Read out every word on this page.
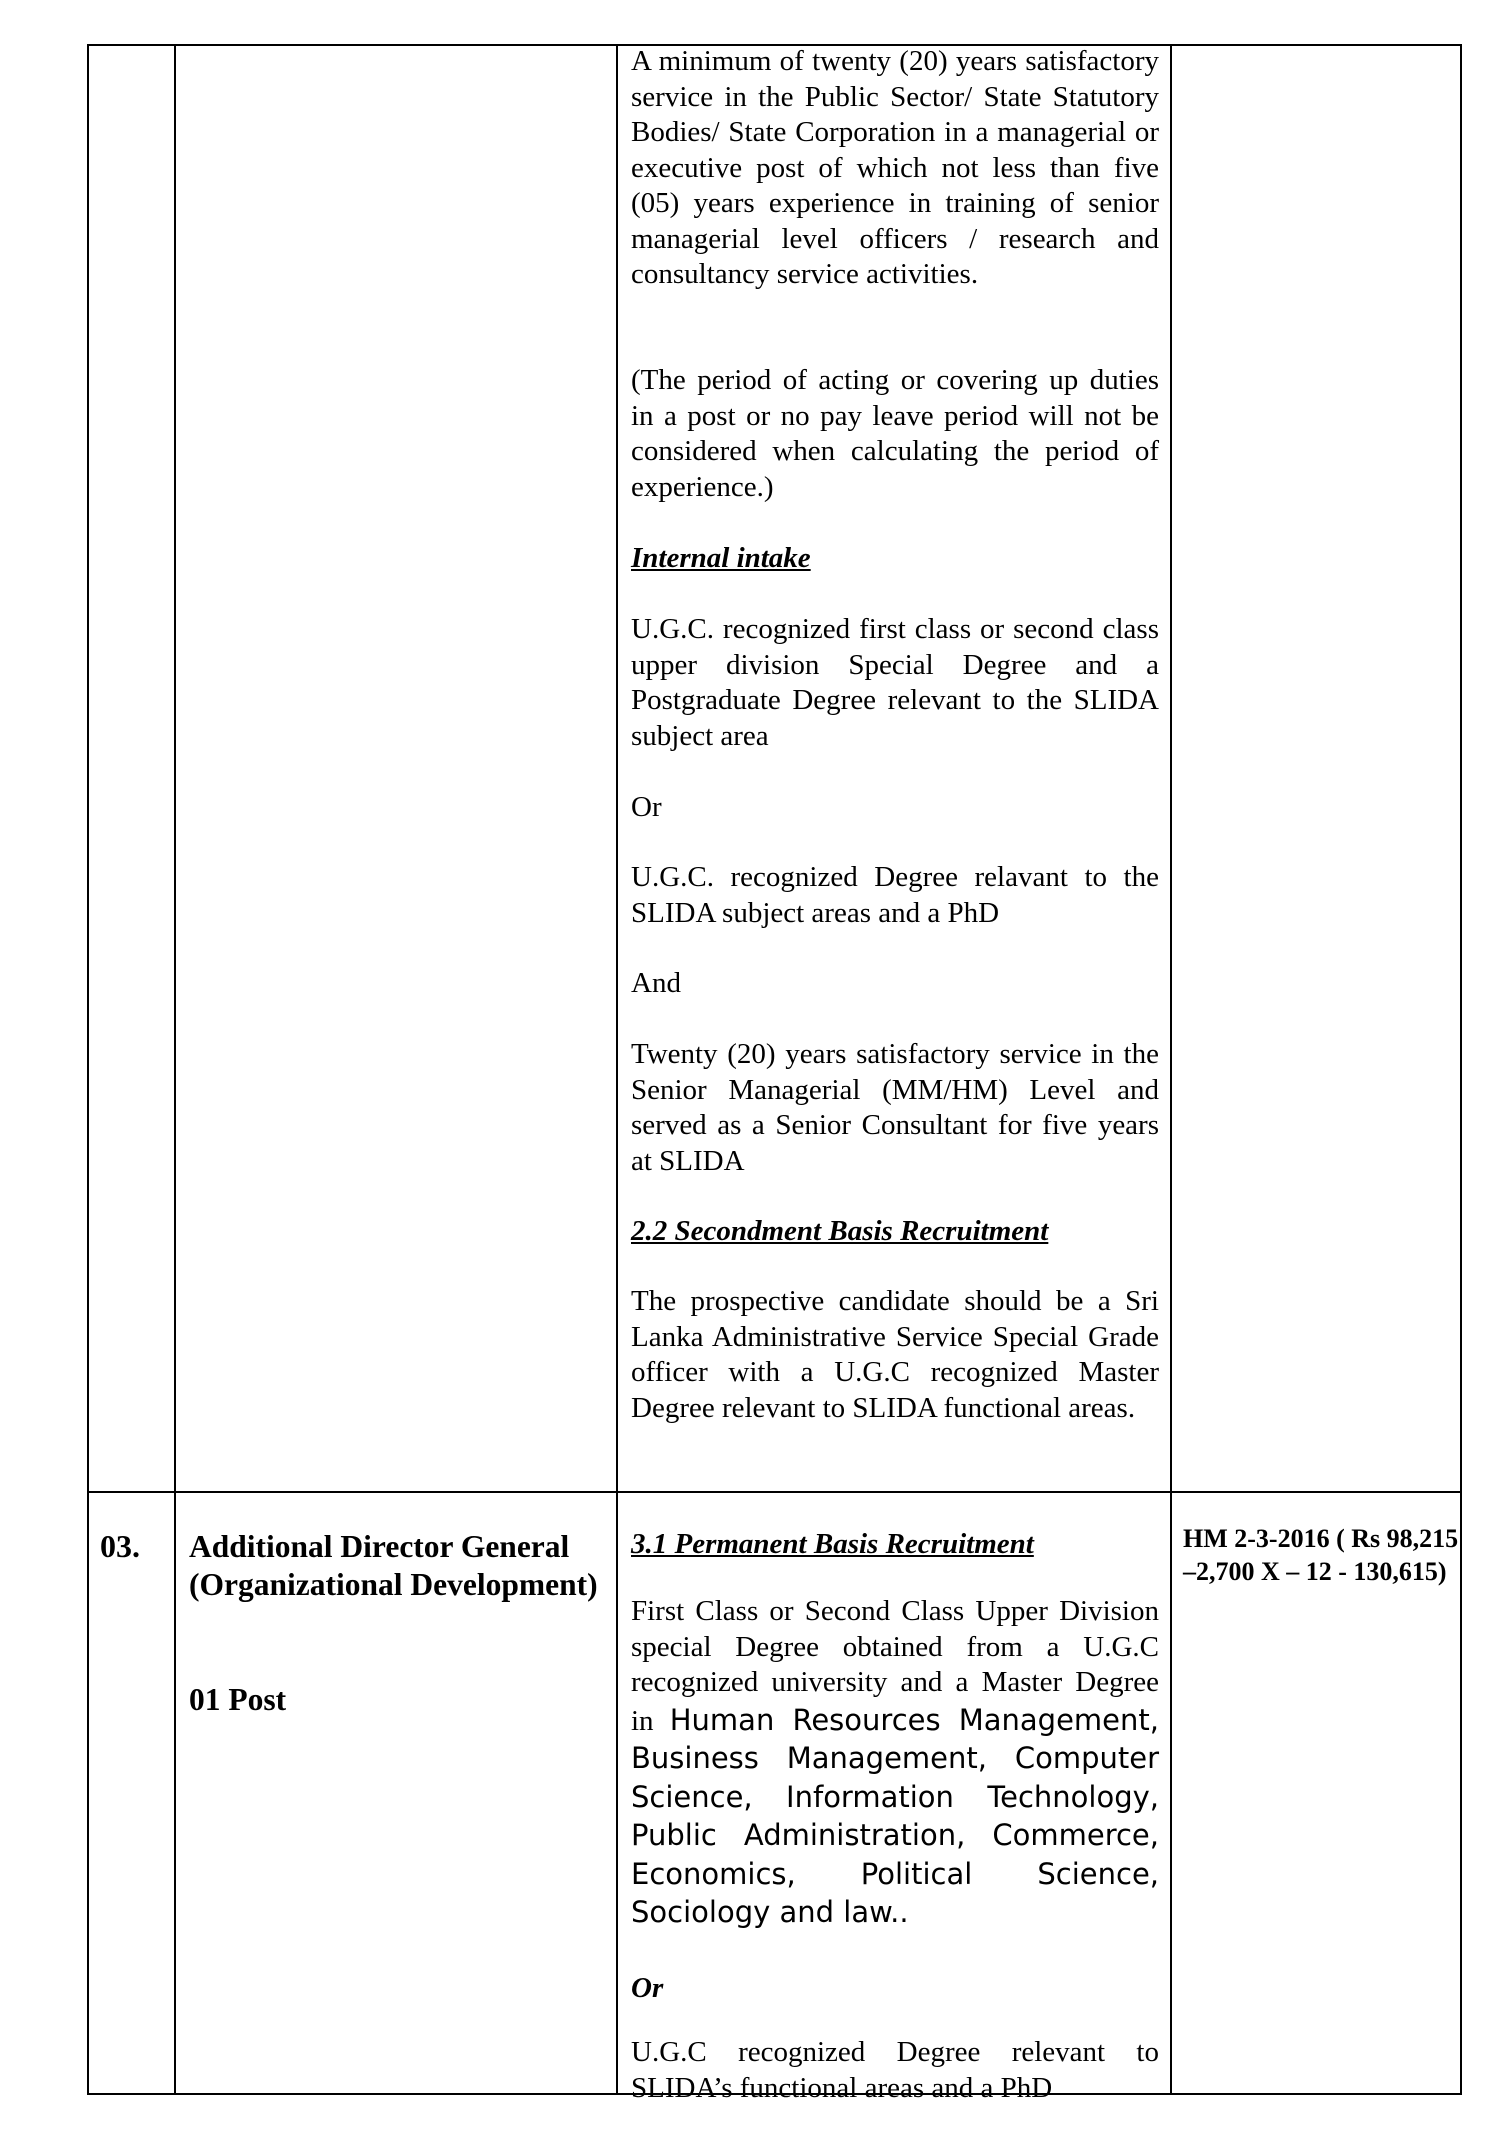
A minimum of twenty (20) years satisfactory service in the Public Sector/ State Statutory Bodies/ State Corporation in a managerial or executive post of which not less than five (05) years experience in training of senior managerial level officers / research and consultancy service activities.

(The period of acting or covering up duties in a post or no pay leave period will not be considered when calculating the period of experience.)

Internal intake

U.G.C. recognized first class or second class upper division Special Degree and a Postgraduate Degree relevant to the SLIDA subject area

Or

U.G.C. recognized Degree relavant to the SLIDA subject areas and a PhD

And

Twenty (20) years satisfactory service in the Senior Managerial (MM/HM) Level and served as a Senior Consultant for five years at SLIDA

2.2 Secondment Basis Recruitment

The prospective candidate should be a Sri Lanka Administrative Service Special Grade officer with a U.G.C recognized Master Degree relevant to SLIDA functional areas.

03. Additional Director General (Organizational Development)
01 Post

3.1 Permanent Basis Recruitment

First Class or Second Class Upper Division special Degree obtained from a U.G.C recognized university and a Master Degree in Human Resources Management, Business Management, Computer Science, Information Technology, Public Administration, Commerce, Economics, Political Science, Sociology and law..

Or

U.G.C recognized Degree relevant to SLIDA’s functional areas and a PhD

HM 2-3-2016 ( Rs 98,215 –2,700 X – 12 - 130,615)
